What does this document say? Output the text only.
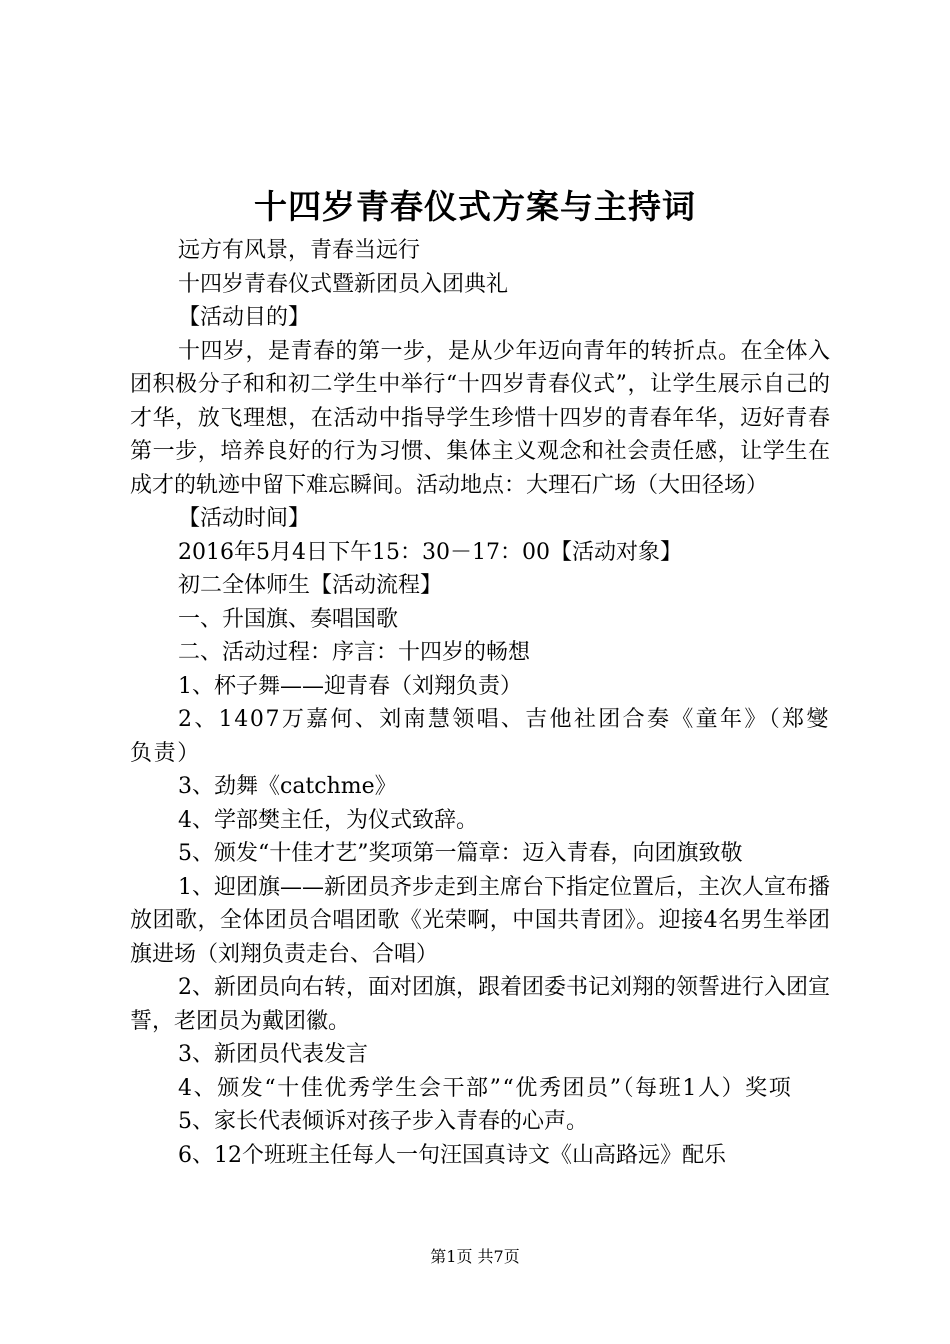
十四岁青春仪式方案与主持词

远方有风景，青春当远行

十四岁青春仪式暨新团员入团典礼

【活动目的】

十四岁，是青春的第一步，是从少年迈向青年的转折点。在全体入团积极分子和和初二学生中举行“十四岁青春仪式”，让学生展示自己的才华，放飞理想，在活动中指导学生珍惜十四岁的青春年华，迈好青春第一步，培养良好的行为习惯、集体主义观念和社会责任感，让学生在成才的轨迹中留下难忘瞬间。活动地点：大理石广场（大田径场）

【活动时间】

2016年5月4日下午15：30－17：00【活动对象】

初二全体师生【活动流程】

一、升国旗、奏唱国歌

二、活动过程：序言：十四岁的畅想

1、杯子舞——迎青春（刘翔负责）

2、1407万嘉何、刘南慧领唱、吉他社团合奏《童年》（郑燮负责）

3、劲舞《catchme》

4、学部樊主任，为仪式致辞。

5、颁发“十佳才艺”奖项第一篇章：迈入青春，向团旗致敬

1、迎团旗——新团员齐步走到主席台下指定位置后，主次人宣布播放团歌，全体团员合唱团歌《光荣啊，中国共青团》。迎接4名男生举团旗进场（刘翔负责走台、合唱）

2、新团员向右转，面对团旗，跟着团委书记刘翔的领誓进行入团宣誓，老团员为戴团徽。

3、新团员代表发言

4、颁发“十佳优秀学生会干部”“优秀团员”（每班1人）奖项

5、家长代表倾诉对孩子步入青春的心声。

6、12个班班主任每人一句汪国真诗文《山高路远》配乐

第1页 共7页
